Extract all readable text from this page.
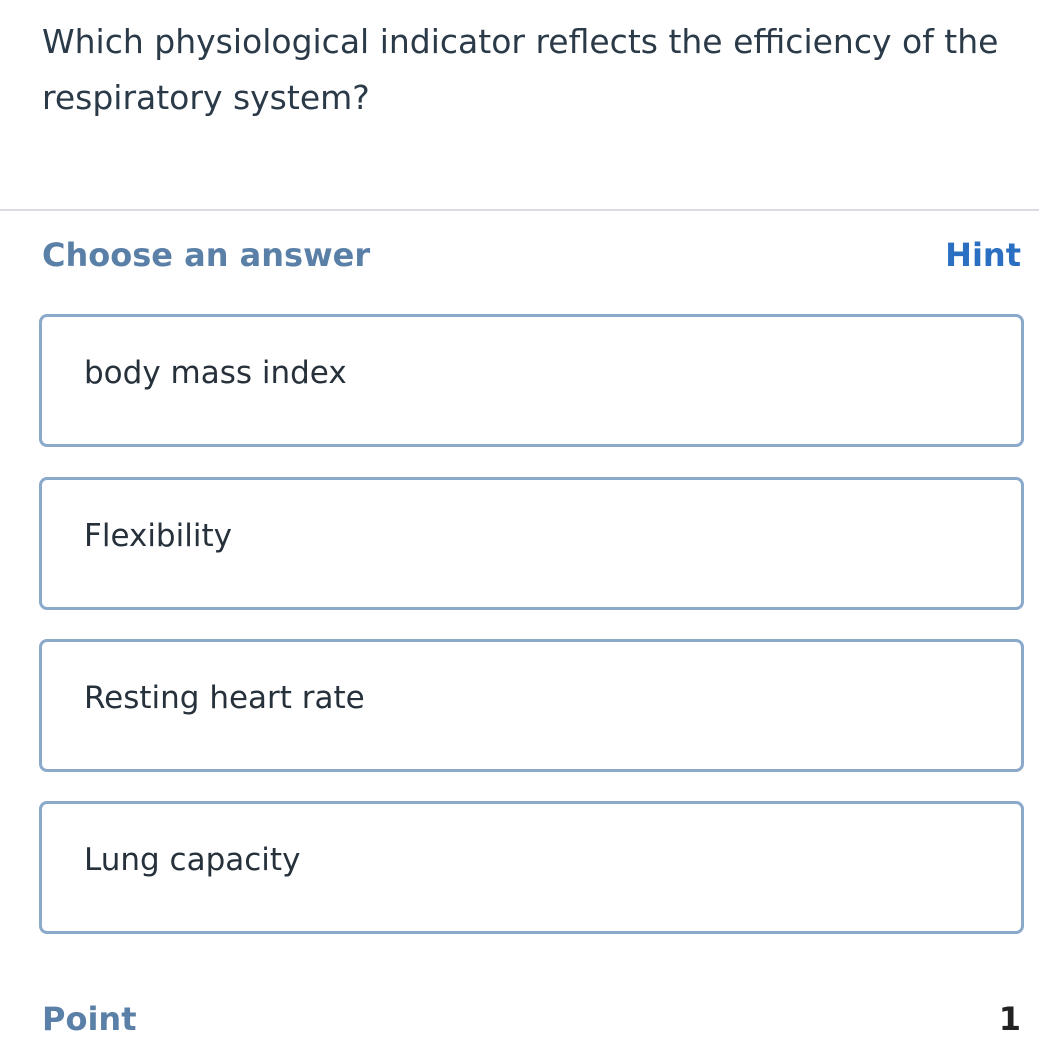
Which physiological indicator reflects the efficiency of the respiratory system?
Choose an answer	Hint
body mass index
Flexibility
Resting heart rate
Lung capacity
Point	1
